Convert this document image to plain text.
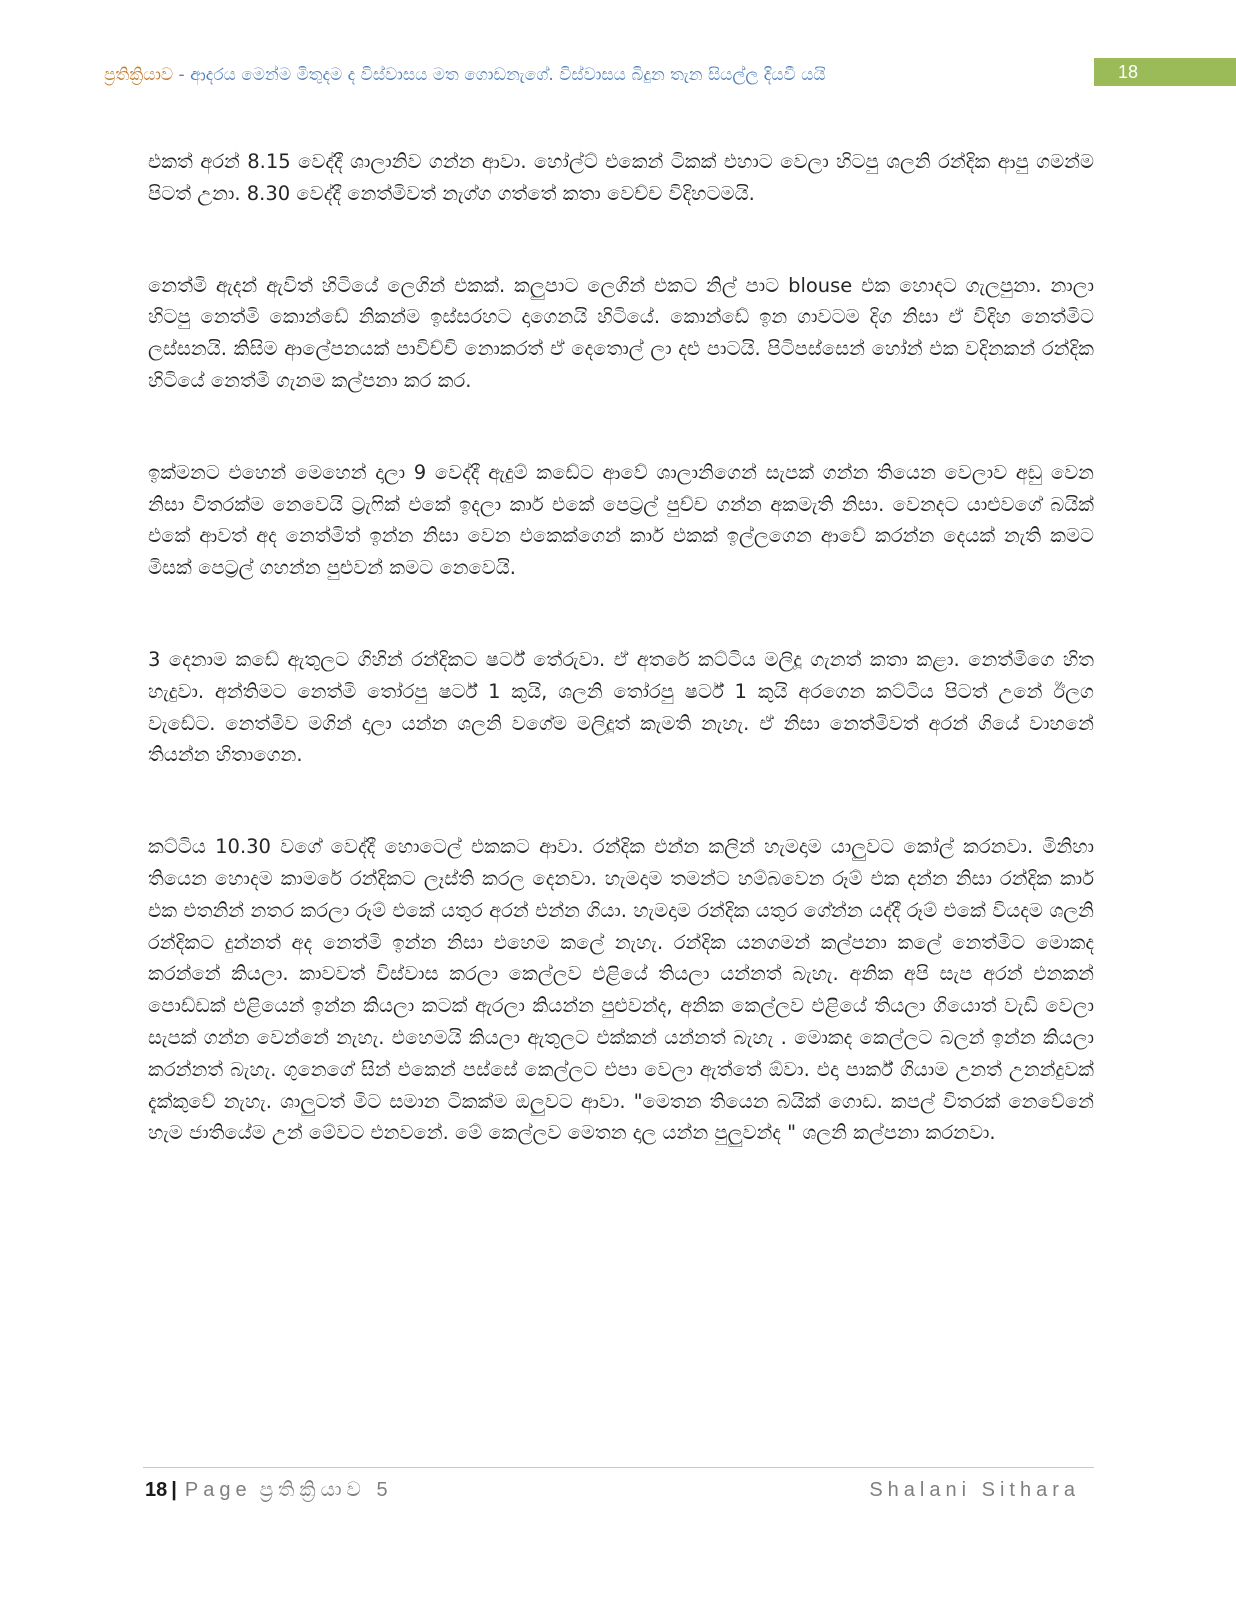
ප්‍රතික්‍රියාව - ආදරය මෙන්ම මිතුදම ද විස්වාසය මත ගොඩනැගේ. විස්වාසය බිදුන තැන සියල්ල දියවී යයි	18

එකත් අරන් 8.15 වෙද්දී ශාලානිව ගන්න ආවා. හෝල්ට් එකෙන් ටිකක් එහාට වෙලා හිටපු ශලනි රන්දික ආපු ගමන්ම පිටත් උනා. 8.30 වෙද්දී නෙත්මිවත් නැග්ග ගත්තේ කතා වෙච්ච විදිහටමයි.

නෙත්මි ඇදන් ඇවිත් හිටියේ ලෙගින් එකක්. කලුපාට ලෙගින් එකට නිල් පාට blouse එක හොදට ගැලපුනා. නාලා හිටපු නෙත්මි කොන්ඩේ නිකන්ම ඉස්සරහට දාගෙනයි හිටියේ. කොන්ඩේ ඉන ගාවටම දිග නිසා ඒ විදිහ නෙත්මිට ලස්සනයි. කිසිම ආලේපනයක් පාවිච්චි නොකරත් ඒ දෙතොල් ලා දළු පාටයි. පිටිපස්සෙන් හෝන් එක වදිනකන් රන්දික හිටියේ නෙත්මි ගැනම කල්පනා කර කර.

ඉක්මනට එහෙන් මෙහෙන් දාලා 9 වෙද්දී ඇදුම් කඩේට ආවේ ශාලානිගෙන් සැපක් ගන්න තියෙන වෙලාව අඩු වෙන නිසා විතරක්ම නෙවෙයි ට්‍රැෆික් එකේ ඉදලා කාර් එකේ පෙට්‍රල් පුච්ච ගන්න අකමැති නිසා. වෙනදට යාළුවගේ බයික් එකේ ආවත් අද නෙත්මිත් ඉන්න නිසා වෙන එකෙක්ගෙන් කාර් එකක් ඉල්ලගෙන ආවේ කරන්න දෙයක් නැති කමට මිසක් පෙට්‍රල් ගහන්න පුළුවන් කමට නෙවෙයි.

3 දෙනාම කඩේ ඇතුලට ගිහින් රන්දිකට ෂර්ට් තේරුවා. ඒ අතරේ කට්ටිය මලිදූ ගැනත් කතා කළා. නෙත්මිගෙ හිත හැදුවා. අන්තිමට නෙත්මි තෝරපු ෂර්ට් 1 කුයි, ශලනි තෝරපු ෂර්ට් 1 කුයි අරගෙන කට්ටිය පිටත් උනේ ඊලග වැඩේට. නෙත්මිව මගින් දාලා යන්න ශලනි වගේම මලිදූත් කැමති නැහැ. ඒ නිසා නෙත්මිවත් අරන් ගියේ වාහනේ තියන්න හිතාගෙන.

කට්ටිය 10.30 වගේ වෙද්දී හොටෙල් එකකට ආවා. රන්දික එන්න කලින් හැමදාම යාලුවට කෝල් කරනවා. මිනිහා තියෙන හොදම කාමරේ රන්දිකට ලෑස්ති කරල දෙනවා. හැමදාම තමන්ට හම්බවෙන රූම් එක දන්න නිසා රන්දික කාර් එක එතනින් නතර කරලා රූම් එකේ යතුර අරන් එන්න ගියා. හැමදාම රන්දික යතුර ගේන්න යද්දී රූම් එකේ වියදම ශලනි රන්දිකට දුන්නත් අද නෙත්මි ඉන්න නිසා එහෙම කලේ නැහැ. රන්දික යනගමන් කල්පනා කලේ නෙත්මිට මොකද කරන්නේ කියලා. කාවවත් විස්වාස කරලා කෙල්ලව එළියේ තියලා යන්නත් බැහැ. අනික අපි සැප අරන් එනකන් පොඩ්ඩක් එළියෙන් ඉන්න කියලා කටක් ඇරලා කියන්න පුළුවන්ද, අනික කෙල්ලව එළියේ තියලා ගියොත් වැඩි වෙලා සැපක් ගන්න වෙන්නේ නැහැ. එහෙමයි කියලා ඇතුලට එක්කන් යන්නත් බැහැ . මොකද කෙල්ලට බලන් ඉන්න කියලා කරන්නත් බැහැ. ගුනෙගේ සින් එකෙන් පස්සේ කෙල්ලට එපා වෙලා ඇත්තේ ඕවා. එදා පාර්ක් ගියාම උනත් උනන්දුවක් දැක්කුවේ නැහැ. ශාලුටත් මිට සමාන ටිකක්ම ඔලුවට ආවා. "මෙතන තියෙන බයික් ගොඩ. කපල් විතරක් නෙවේනේ හැම ජාතියේම උන් මේවට එනවනේ. මේ කෙල්ලව මෙතන දාල යන්න පුලුවන්ද " ශලනි කල්පනා කරනවා.

18 | Page ප්‍රතික්‍රියාව 5	Shalani Sithara
